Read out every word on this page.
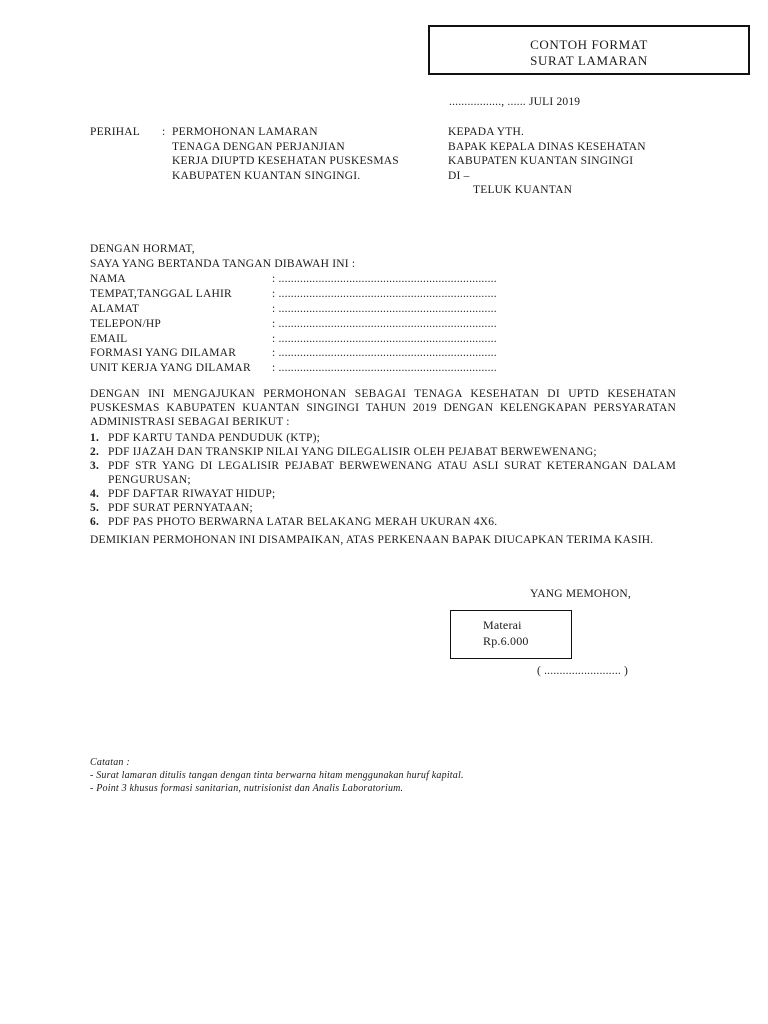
CONTOH FORMAT
SURAT LAMARAN
................., ...... JULI 2019
PERIHAL : PERMOHONAN LAMARAN
TENAGA DENGAN PERJANJIAN
KERJA DIUPTD KESEHATAN PUSKESMAS
KABUPATEN KUANTAN SINGINGI.
KEPADA YTH.
BAPAK KEPALA DINAS KESEHATAN
KABUPATEN KUANTAN SINGINGI
DI –
TELUK KUANTAN
DENGAN HORMAT,
SAYA YANG BERTANDA TANGAN DIBAWAH INI :
NAMA	: .......................................................................
TEMPAT,TANGGAL LAHIR	: .......................................................................
ALAMAT	: .......................................................................
TELEPON/HP	: .......................................................................
EMAIL	: .......................................................................
FORMASI YANG DILAMAR	: .......................................................................
UNIT KERJA YANG DILAMAR	: .......................................................................
DENGAN INI MENGAJUKAN PERMOHONAN SEBAGAI TENAGA KESEHATAN DI UPTD KESEHATAN PUSKESMAS KABUPATEN KUANTAN SINGINGI TAHUN 2019 DENGAN KELENGKAPAN PERSYARATAN ADMINISTRASI SEBAGAI BERIKUT :
1. PDF KARTU TANDA PENDUDUK (KTP);
2. PDF IJAZAH DAN TRANSKIP NILAI YANG DILEGALISIR OLEH PEJABAT BERWEWENANG;
3. PDF STR YANG DI LEGALISIR PEJABAT BERWEWENANG ATAU ASLI SURAT KETERANGAN DALAM PENGURUSAN;
4. PDF DAFTAR RIWAYAT HIDUP;
5. PDF SURAT PERNYATAAN;
6. PDF PAS PHOTO BERWARNA LATAR BELAKANG MERAH UKURAN 4X6.
DEMIKIAN PERMOHONAN INI DISAMPAIKAN, ATAS PERKENAAN BAPAK DIUCAPKAN TERIMA KASIH.
YANG MEMOHON,
Materai
Rp.6.000
( ......................... )
Catatan :
- Surat lamaran ditulis tangan dengan tinta berwarna hitam menggunakan huruf kapital.
- Point 3 khusus formasi sanitarian, nutrisionist dan Analis Laboratorium.
